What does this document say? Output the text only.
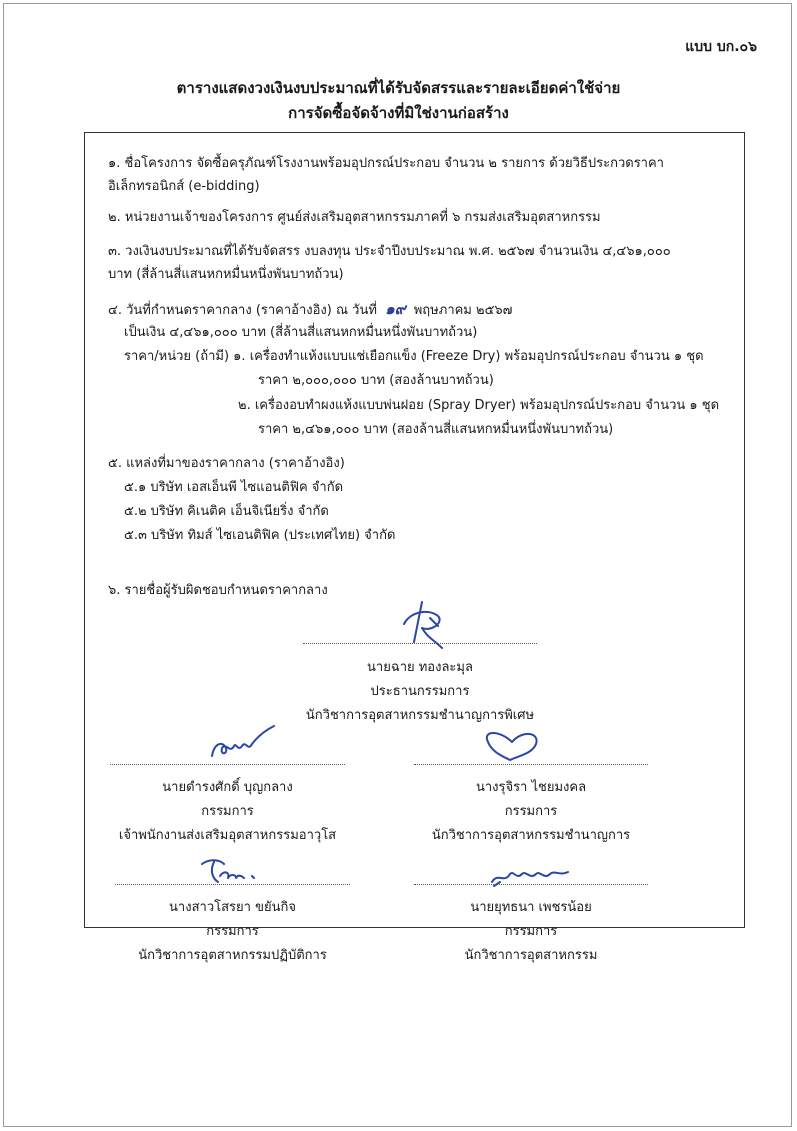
แบบ บก.๐๖
ตารางแสดงวงเงินงบประมาณที่ได้รับจัดสรรและรายละเอียดค่าใช้จ่าย
การจัดซื้อจัดจ้างที่มิใช่งานก่อสร้าง
๑. ชื่อโครงการ จัดซื้อครุภัณฑ์โรงงานพร้อมอุปกรณ์ประกอบ จำนวน ๒ รายการ ด้วยวิธีประกวดราคา
อิเล็กทรอนิกส์ (e-bidding)
๒. หน่วยงานเจ้าของโครงการ ศูนย์ส่งเสริมอุตสาหกรรมภาคที่ ๖ กรมส่งเสริมอุตสาหกรรม
๓. วงเงินงบประมาณที่ได้รับจัดสรร งบลงทุน ประจำปีงบประมาณ พ.ศ. ๒๕๖๗ จำนวนเงิน ๔,๔๖๑,๐๐๐
บาท (สี่ล้านสี่แสนหกหมื่นหนึ่งพันบาทถ้วน)
๔. วันที่กำหนดราคากลาง (ราคาอ้างอิง) ณ วันที่ ๑๙ พฤษภาคม ๒๕๖๗
เป็นเงิน ๔,๔๖๑,๐๐๐ บาท (สี่ล้านสี่แสนหกหมื่นหนึ่งพันบาทถ้วน)
ราคา/หน่วย (ถ้ามี) ๑. เครื่องทำแห้งแบบแช่เยือกแข็ง (Freeze Dry) พร้อมอุปกรณ์ประกอบ จำนวน ๑ ชุด
ราคา ๒,๐๐๐,๐๐๐ บาท (สองล้านบาทถ้วน)
๒. เครื่องอบทำผงแห้งแบบพ่นฝอย (Spray Dryer) พร้อมอุปกรณ์ประกอบ จำนวน ๑ ชุด
ราคา ๒,๔๖๑,๐๐๐ บาท (สองล้านสี่แสนหกหมื่นหนึ่งพันบาทถ้วน)
๕. แหล่งที่มาของราคากลาง (ราคาอ้างอิง)
๕.๑ บริษัท เอสเอ็นพี ไซแอนติฟิค จำกัด
๕.๒ บริษัท คิเนติค เอ็นจิเนียริ่ง จำกัด
๕.๓ บริษัท ทิมส์ ไซเอนติฟิค (ประเทศไทย) จำกัด
๖. รายชื่อผู้รับผิดชอบกำหนดราคากลาง
นายฉาย ทองละมุล
ประธานกรรมการ
นักวิชาการอุตสาหกรรมชำนาญการพิเศษ
นายดำรงศักดิ์ บุญกลาง
กรรมการ
เจ้าพนักงานส่งเสริมอุตสาหกรรมอาวุโส
นางรุจิรา ไชยมงคล
กรรมการ
นักวิชาการอุตสาหกรรมชำนาญการ
นางสาวโสรยา ขยันกิจ
กรรมการ
นักวิชาการอุตสาหกรรมปฏิบัติการ
นายยุทธนา เพชรน้อย
กรรมการ
นักวิชาการอุตสาหกรรม
